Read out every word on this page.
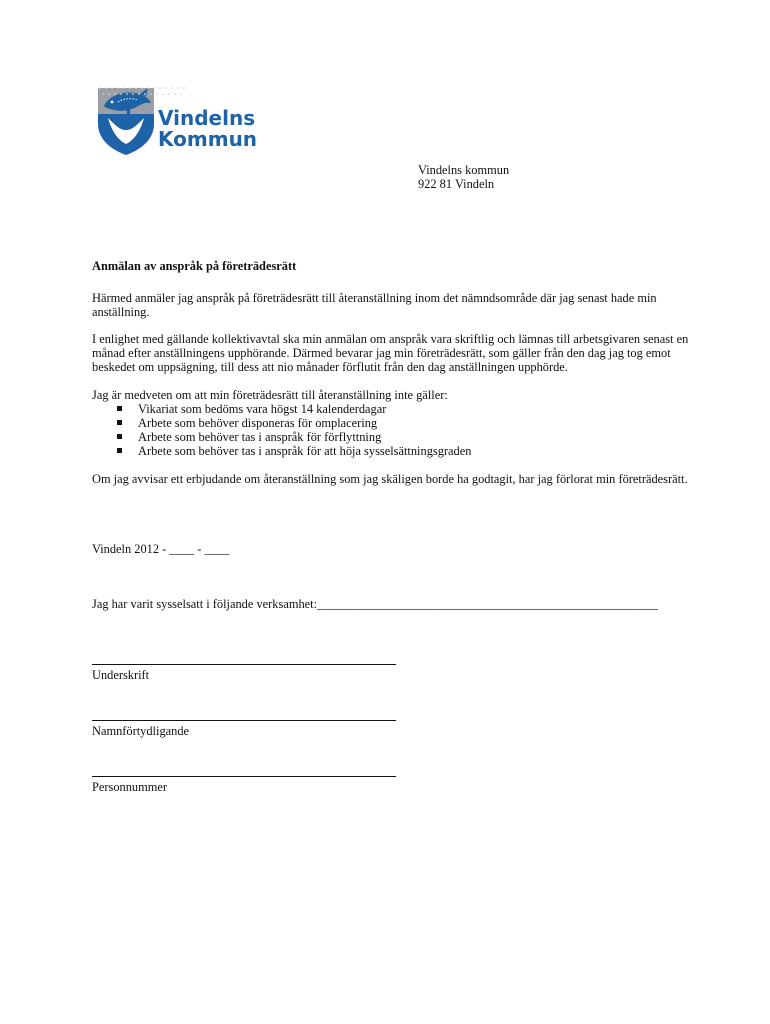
Vindelns
Kommun
Vindelns kommun
922 81 Vindeln
Anmälan av anspråk på företrädesrätt

Härmed anmäler jag anspråk på företrädesrätt till återanställning inom det nämndsområde där jag senast hade min anställning.

I enlighet med gällande kollektivavtal ska min anmälan om anspråk vara skriftlig och lämnas till arbetsgivaren senast en månad efter anställningens upphörande. Därmed bevarar jag min företrädesrätt, som gäller från den dag jag tog emot beskedet om uppsägning, till dess att nio månader förflutit från den dag anställningen upphörde.

Jag är medveten om att min företrädesrätt till återanställning inte gäller:

Vikariat som bedöms vara högst 14 kalenderdagar
Arbete som behöver disponeras för omplacering
Arbete som behöver tas i anspråk för förflyttning
Arbete som behöver tas i anspråk för att höja sysselsättningsgraden

Om jag avvisar ett erbjudande om återanställning som jag skäligen borde ha godtagit, har jag förlorat min företrädesrätt.

Vindeln 2012 - ____ - ____
Jag har varit sysselsatt i följande verksamhet:_______________________________________________________
Underskrift
Namnförtydligande
Personnummer
